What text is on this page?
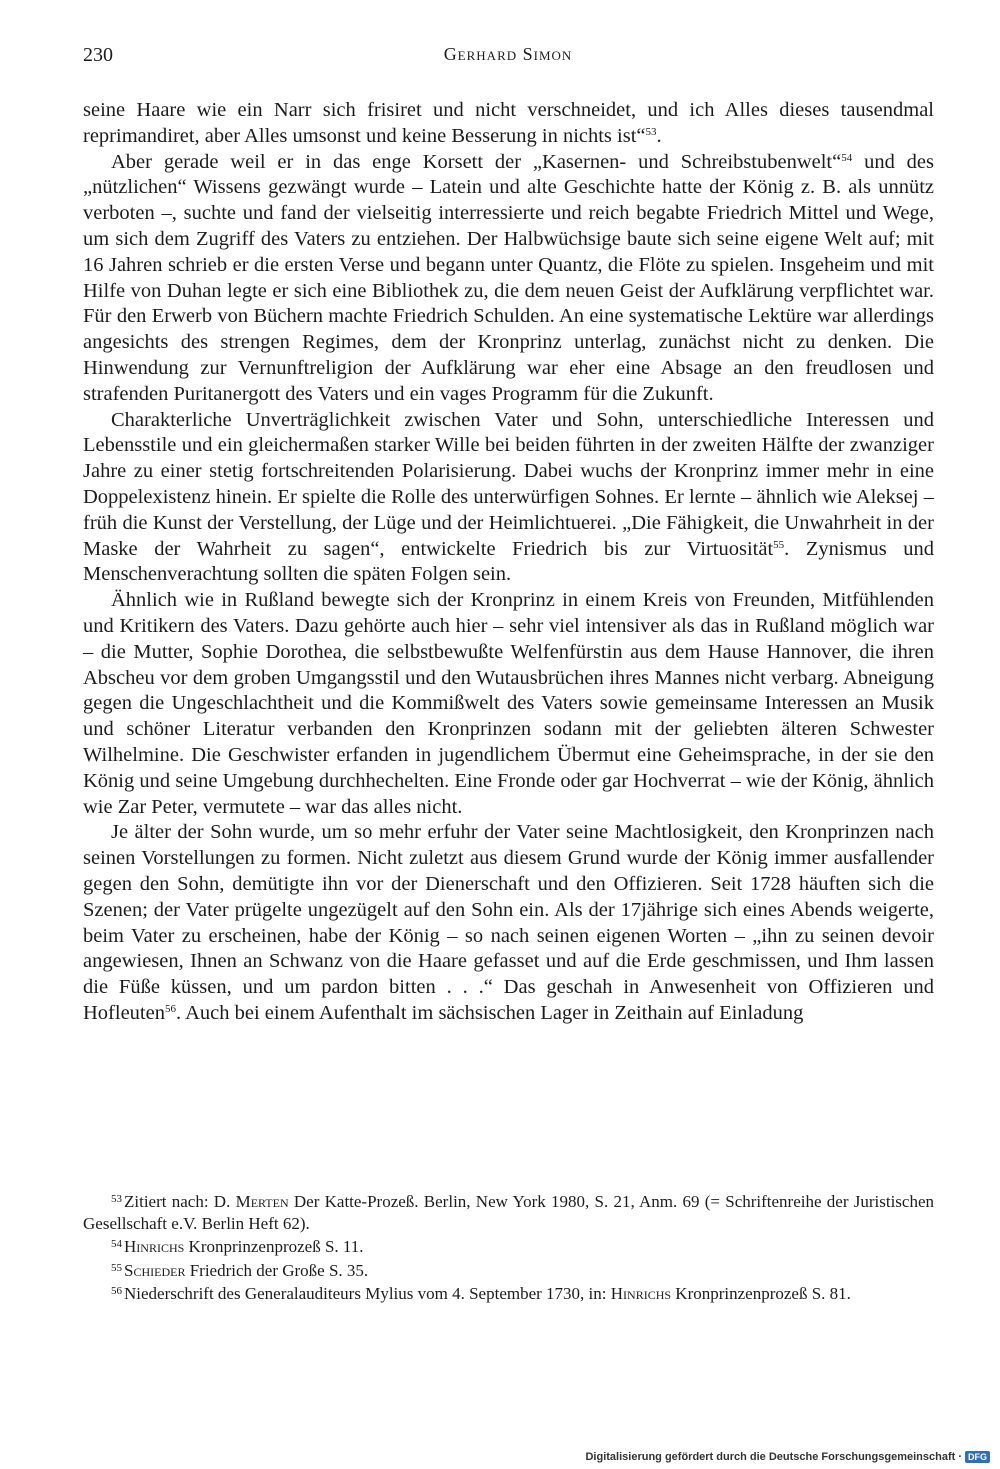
230	Gerhard Simon

seine Haare wie ein Narr sich frisiret und nicht verschneidet, und ich Alles dieses tausendmal reprimandiret, aber Alles umsonst und keine Besserung in nichts ist“$^{53}$.

Aber gerade weil er in das enge Korsett der „Kasernen- und Schreibstubenwelt“$^{54}$ und des „nützlichen“ Wissens gezwängt wurde – Latein und alte Geschichte hatte der König z. B. als unnütz verboten –, suchte und fand der vielseitig interressierte und reich begabte Friedrich Mittel und Wege, um sich dem Zugriff des Vaters zu entziehen. Der Halbwüchsige baute sich seine eigene Welt auf; mit 16 Jahren schrieb er die ersten Verse und begann unter Quantz, die Flöte zu spielen. Insgeheim und mit Hilfe von Duhan legte er sich eine Bibliothek zu, die dem neuen Geist der Aufklärung verpflichtet war. Für den Erwerb von Büchern machte Friedrich Schulden. An eine systematische Lektüre war allerdings angesichts des strengen Regimes, dem der Kronprinz unterlag, zunächst nicht zu denken. Die Hinwendung zur Vernunftreligion der Aufklärung war eher eine Absage an den freudlosen und strafenden Puritanergott des Vaters und ein vages Programm für die Zukunft.

Charakterliche Unverträglichkeit zwischen Vater und Sohn, unterschiedliche Interessen und Lebensstile und ein gleichermaßen starker Wille bei beiden führten in der zweiten Hälfte der zwanziger Jahre zu einer stetig fortschreitenden Polarisierung. Dabei wuchs der Kronprinz immer mehr in eine Doppelexistenz hinein. Er spielte die Rolle des unterwürfigen Sohnes. Er lernte – ähnlich wie Aleksej – früh die Kunst der Verstellung, der Lüge und der Heimlichtuerei. „Die Fähigkeit, die Unwahrheit in der Maske der Wahrheit zu sagen“, entwickelte Friedrich bis zur Virtuosität$^{55}$. Zynismus und Menschenverachtung sollten die späten Folgen sein.

Ähnlich wie in Rußland bewegte sich der Kronprinz in einem Kreis von Freunden, Mitfühlenden und Kritikern des Vaters. Dazu gehörte auch hier – sehr viel intensiver als das in Rußland möglich war – die Mutter, Sophie Dorothea, die selbstbewußte Welfenfürstin aus dem Hause Hannover, die ihren Abscheu vor dem groben Umgangsstil und den Wutausbrüchen ihres Mannes nicht verbarg. Abneigung gegen die Ungeschlachtheit und die Kommißwelt des Vaters sowie gemeinsame Interessen an Musik und schöner Literatur verbanden den Kronprinzen sodann mit der geliebten älteren Schwester Wilhelmine. Die Geschwister erfanden in jugendlichem Übermut eine Geheimsprache, in der sie den König und seine Umgebung durchhechelten. Eine Fronde oder gar Hochverrat – wie der König, ähnlich wie Zar Peter, vermutete – war das alles nicht.

Je älter der Sohn wurde, um so mehr erfuhr der Vater seine Machtlosigkeit, den Kronprinzen nach seinen Vorstellungen zu formen. Nicht zuletzt aus diesem Grund wurde der König immer ausfallender gegen den Sohn, demütigte ihn vor der Dienerschaft und den Offizieren. Seit 1728 häuften sich die Szenen; der Vater prügelte ungezügelt auf den Sohn ein. Als der 17jährige sich eines Abends weigerte, beim Vater zu erscheinen, habe der König – so nach seinen eigenen Worten – „ihn zu seinen devoir angewiesen, Ihnen an Schwanz von die Haare gefasset und auf die Erde geschmissen, und Ihm lassen die Füße küssen, und um pardon bitten . . .“ Das geschah in Anwesenheit von Offizieren und Hofleuten$^{56}$. Auch bei einem Aufenthalt im sächsischen Lager in Zeithain auf Einladung

$^{53}$ Zitiert nach: D. Merten Der Katte-Prozeß. Berlin, New York 1980, S. 21, Anm. 69 (= Schriftenreihe der Juristischen Gesellschaft e.V. Berlin Heft 62).

$^{54}$ Hinrichs Kronprinzenprozeß S. 11.

$^{55}$ Schieder Friedrich der Große S. 35.

$^{56}$ Niederschrift des Generalauditeurs Mylius vom 4. September 1730, in: Hinrichs Kronprinzenprozeß S. 81.

Digitalisierung gefördert durch die Deutsche Forschungsgemeinschaft · DFG
